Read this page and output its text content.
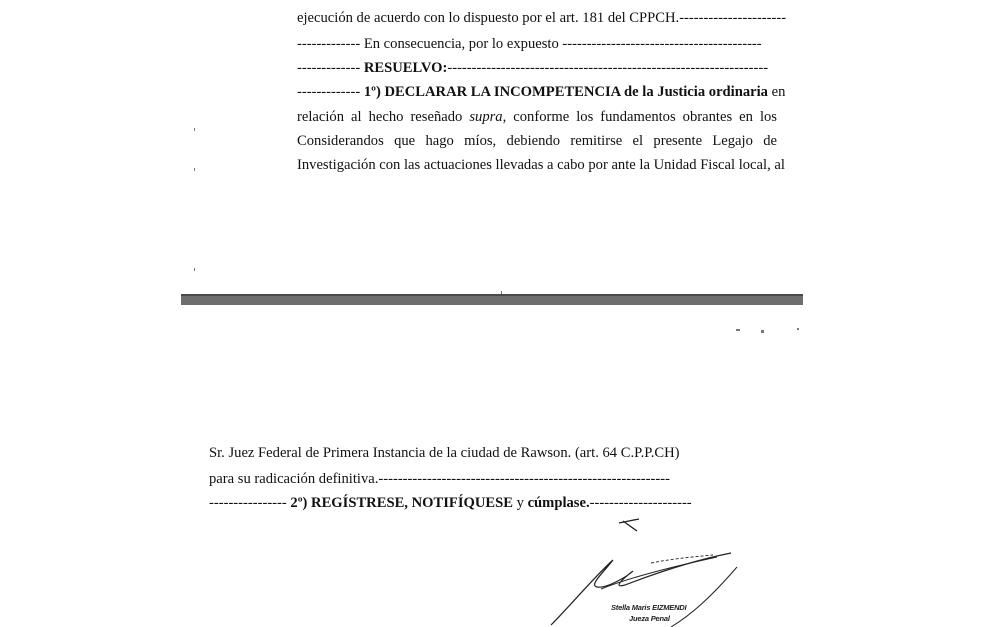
ejecución de acuerdo con lo dispuesto por el art. 181 del CPPCH.----------------------
------------- En consecuencia, por lo expuesto -----------------------------------------
------------- RESUELVO:------------------------------------------------------------------
------------- 1º) DECLARAR LA INCOMPETENCIA de la Justicia ordinaria en
relación al hecho reseñado supra, conforme los fundamentos obrantes en los
Considerandos que hago míos, debiendo remitirse el presente Legajo de
Investigación con las actuaciones llevadas a cabo por ante la Unidad Fiscal local, al
Sr. Juez Federal de Primera Instancia de la ciudad de Rawson. (art. 64 C.P.P.CH)
para su radicación definitiva.------------------------------------------------------------
---------------- 2º) REGÍSTRESE, NOTIFÍQUESE y cúmplase.---------------------
Stella Maris EIZMENDI
Jueza Penal
